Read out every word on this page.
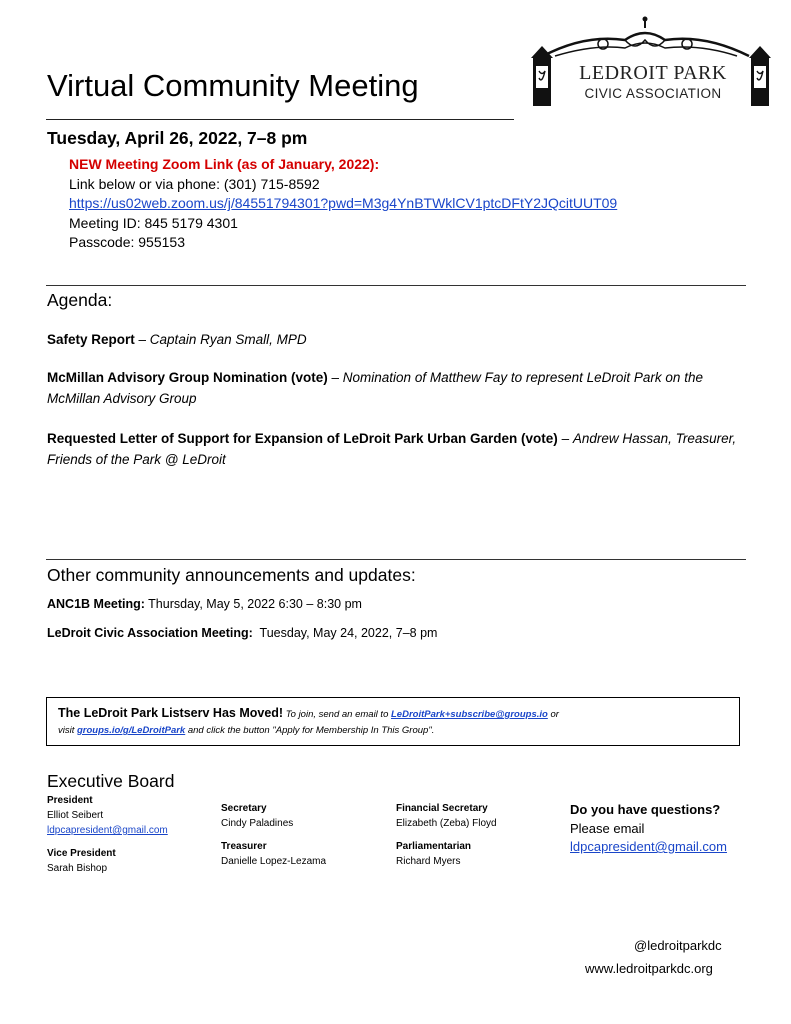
LEDROIT PARK
CIVIC ASSOCIATION
Virtual Community Meeting
Tuesday, April 26, 2022, 7–8 pm
NEW Meeting Zoom Link (as of January, 2022):
Link below or via phone: (301) 715-8592
https://us02web.zoom.us/j/84551794301?pwd=M3g4YnBTWklCV1ptcDFtY2JQcitUUT09
Meeting ID: 845 5179 4301
Passcode: 955153
Agenda:
Safety Report – Captain Ryan Small, MPD
McMillan Advisory Group Nomination (vote) – Nomination of Matthew Fay to represent LeDroit Park on the McMillan Advisory Group
Requested Letter of Support for Expansion of LeDroit Park Urban Garden (vote) – Andrew Hassan, Treasurer, Friends of the Park @ LeDroit
Other community announcements and updates:
ANC1B Meeting: Thursday, May 5, 2022 6:30 – 8:30 pm
LeDroit Civic Association Meeting:  Tuesday, May 24, 2022, 7–8 pm
The LeDroit Park Listserv Has Moved! To join, send an email to LeDroitPark+subscribe@groups.io or
visit groups.io/g/LeDroitPark and click the button "Apply for Membership In This Group".
Executive Board
President
Elliot Seibert
ldpcapresident@gmail.com
Vice President
Sarah Bishop
Secretary
Cindy Paladines
Treasurer
Danielle Lopez-Lezama
Financial Secretary
Elizabeth (Zeba) Floyd
Parliamentarian
Richard Myers
Do you have questions?
Please email
ldpcapresident@gmail.com
@ledroitparkdc
www.ledroitparkdc.org
